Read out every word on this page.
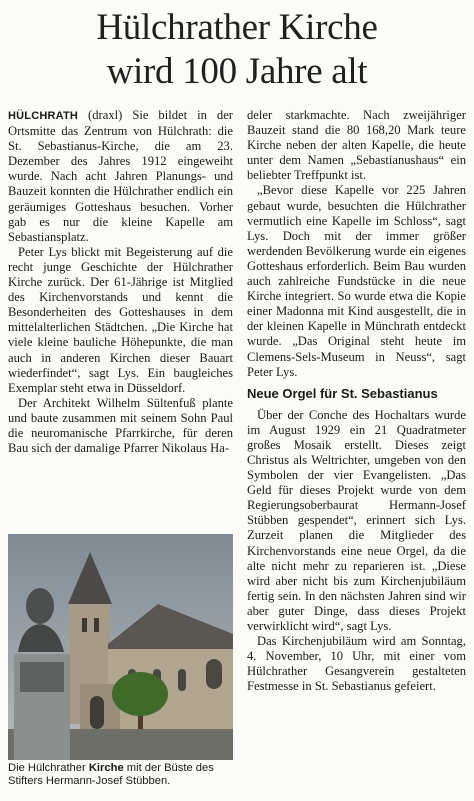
Hülchrather Kirche
wird 100 Jahre alt

HÜLCHRATH (draxl) Sie bildet in der Ortsmitte das Zentrum von Hülchrath: die St. Sebastianus-Kirche, die am 23. Dezember des Jahres 1912 eingeweiht wurde. Nach acht Jahren Planungs- und Bauzeit konnten die Hülchrather endlich ein geräumiges Gotteshaus besuchen. Vorher gab es nur die kleine Kapelle am Sebastiansplatz.

Peter Lys blickt mit Begeisterung auf die recht junge Geschichte der Hülchrather Kirche zurück. Der 61-Jährige ist Mitglied des Kirchenvorstands und kennt die Besonderheiten des Gotteshauses in dem mittelalterlichen Städtchen. „Die Kirche hat viele kleine bauliche Höhepunkte, die man auch in anderen Kirchen dieser Bauart wiederfindet“, sagt Lys. Ein baugleiches Exemplar steht etwa in Düsseldorf.

Der Architekt Wilhelm Sültenfuß plante und baute zusammen mit seinem Sohn Paul die neuromanische Pfarrkirche, für deren Bau sich der damalige Pfarrer Nikolaus Ha-

Die Hülchrather Kirche mit der Büste des Stifters Hermann-Josef Stübben.

deler starkmachte. Nach zweijähriger Bauzeit stand die 80 168,20 Mark teure Kirche neben der alten Kapelle, die heute unter dem Namen „Sebastianushaus“ ein beliebter Treffpunkt ist.

„Bevor diese Kapelle vor 225 Jahren gebaut wurde, besuchten die Hülchrather vermutlich eine Kapelle im Schloss“, sagt Lys. Doch mit der immer größer werdenden Bevölkerung wurde ein eigenes Gotteshaus erforderlich. Beim Bau wurden auch zahlreiche Fundstücke in die neue Kirche integriert. So wurde etwa die Kopie einer Madonna mit Kind ausgestellt, die in der kleinen Kapelle in Münchrath entdeckt wurde. „Das Original steht heute im Clemens-Sels-Museum in Neuss“, sagt Peter Lys.

Neue Orgel für St. Sebastianus

Über der Conche des Hochaltars wurde im August 1929 ein 21 Quadratmeter großes Mosaik erstellt. Dieses zeigt Christus als Weltrichter, umgeben von den Symbolen der vier Evangelisten. „Das Geld für dieses Projekt wurde von dem Regierungsoberbaurat Hermann-Josef Stübben gespendet“, erinnert sich Lys. Zurzeit planen die Mitglieder des Kirchenvorstands eine neue Orgel, da die alte nicht mehr zu reparieren ist. „Diese wird aber nicht bis zum Kirchenjubiläum fertig sein. In den nächsten Jahren sind wir aber guter Dinge, dass dieses Projekt verwirklicht wird“, sagt Lys.

Das Kirchenjubiläum wird am Sonntag, 4. November, 10 Uhr, mit einer vom Hülchrather Gesangverein gestalteten Festmesse in St. Sebastianus gefeiert.
